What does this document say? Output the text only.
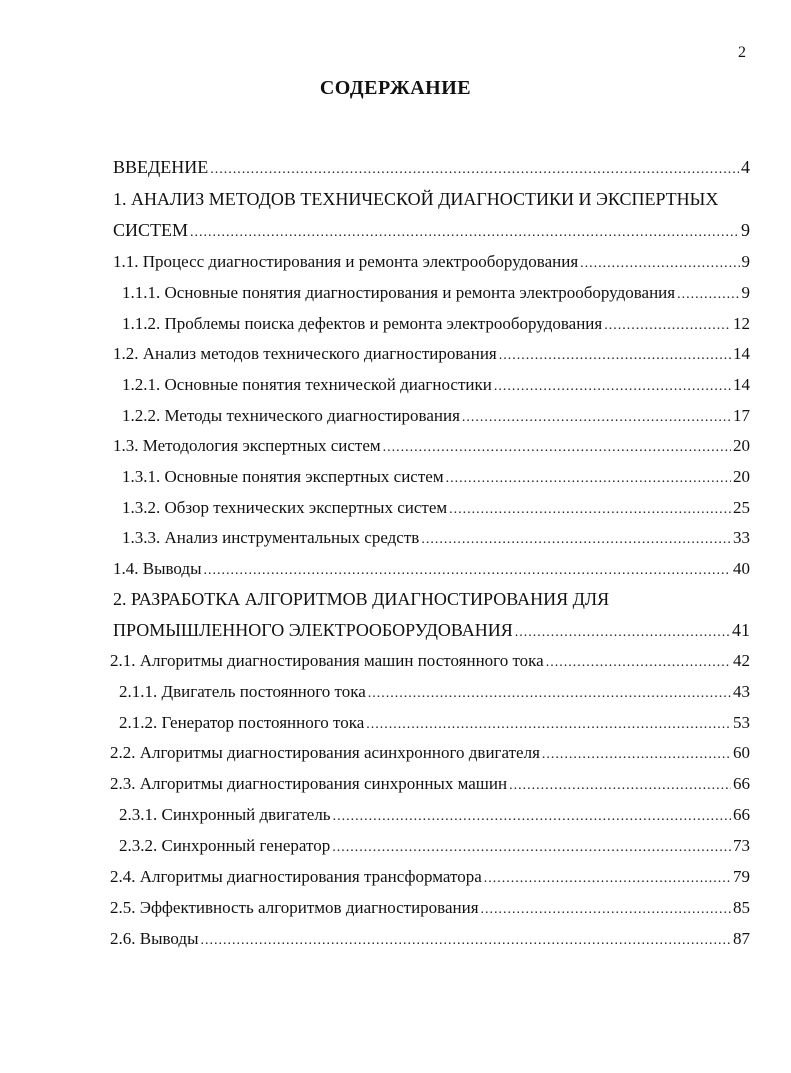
2
СОДЕРЖАНИЕ
ВВЕДЕНИЕ .....	4
1. АНАЛИЗ МЕТОДОВ ТЕХНИЧЕСКОЙ ДИАГНОСТИКИ И ЭКСПЕРТНЫХ
СИСТЕМ .....	9
1.1. Процесс диагностирования и ремонта электрооборудования .....	9
1.1.1. Основные понятия диагностирования и ремонта электрооборудования .....	9
1.1.2. Проблемы поиска дефектов и ремонта электрооборудования .....	12
1.2. Анализ методов технического диагностирования .....	14
1.2.1. Основные понятия технической диагностики .....	14
1.2.2. Методы технического диагностирования .....	17
1.3. Методология экспертных систем .....	20
1.3.1. Основные понятия экспертных систем .....	20
1.3.2. Обзор технических экспертных систем .....	25
1.3.3. Анализ инструментальных средств .....	33
1.4. Выводы .....	40
2. РАЗРАБОТКА АЛГОРИТМОВ ДИАГНОСТИРОВАНИЯ ДЛЯ
ПРОМЫШЛЕННОГО ЭЛЕКТРООБОРУДОВАНИЯ .....	41
2.1. Алгоритмы диагностирования машин постоянного тока .....	42
2.1.1. Двигатель постоянного тока .....	43
2.1.2. Генератор постоянного тока .....	53
2.2. Алгоритмы диагностирования асинхронного двигателя .....	60
2.3. Алгоритмы диагностирования синхронных машин .....	66
2.3.1. Синхронный двигатель .....	66
2.3.2. Синхронный генератор .....	73
2.4. Алгоритмы диагностирования трансформатора .....	79
2.5. Эффективность алгоритмов диагностирования .....	85
2.6. Выводы .....	87
